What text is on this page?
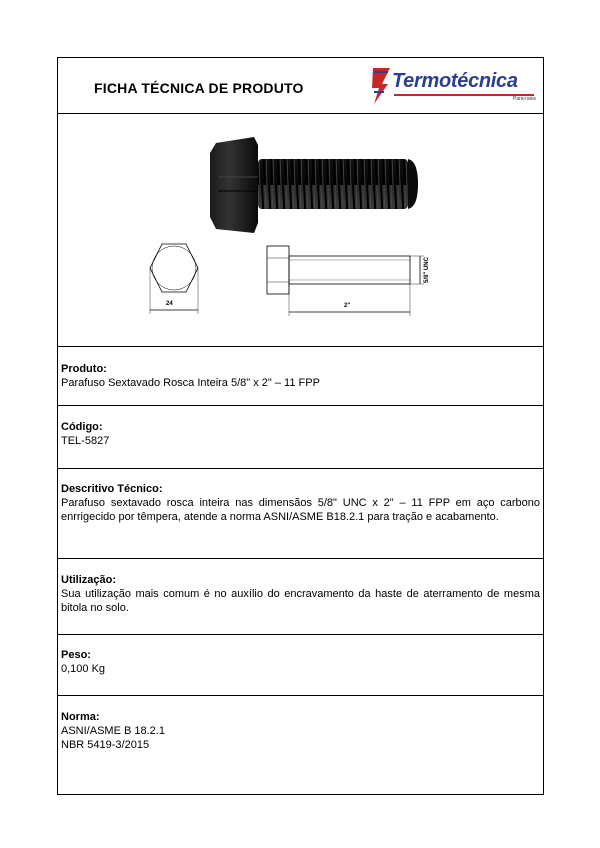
FICHA TÉCNICA DE PRODUTO	Termotécnica
Para-raios
24	2"
5/8" UNC
Produto:
Parafuso Sextavado Rosca Inteira 5/8" x 2" – 11 FPP
Código:
TEL-5827
Descritivo Técnico:
Parafuso sextavado rosca inteira nas dimensãos 5/8" UNC x 2" – 11 FPP em aço carbono enrrigecido por têmpera, atende a norma ASNI/ASME B18.2.1 para tração e acabamento.
Utilização:
Sua utilização mais comum é no auxílio do encravamento da haste de aterramento de mesma bitola no solo.
Peso:
0,100 Kg
Norma:
ASNI/ASME B 18.2.1
NBR 5419-3/2015
